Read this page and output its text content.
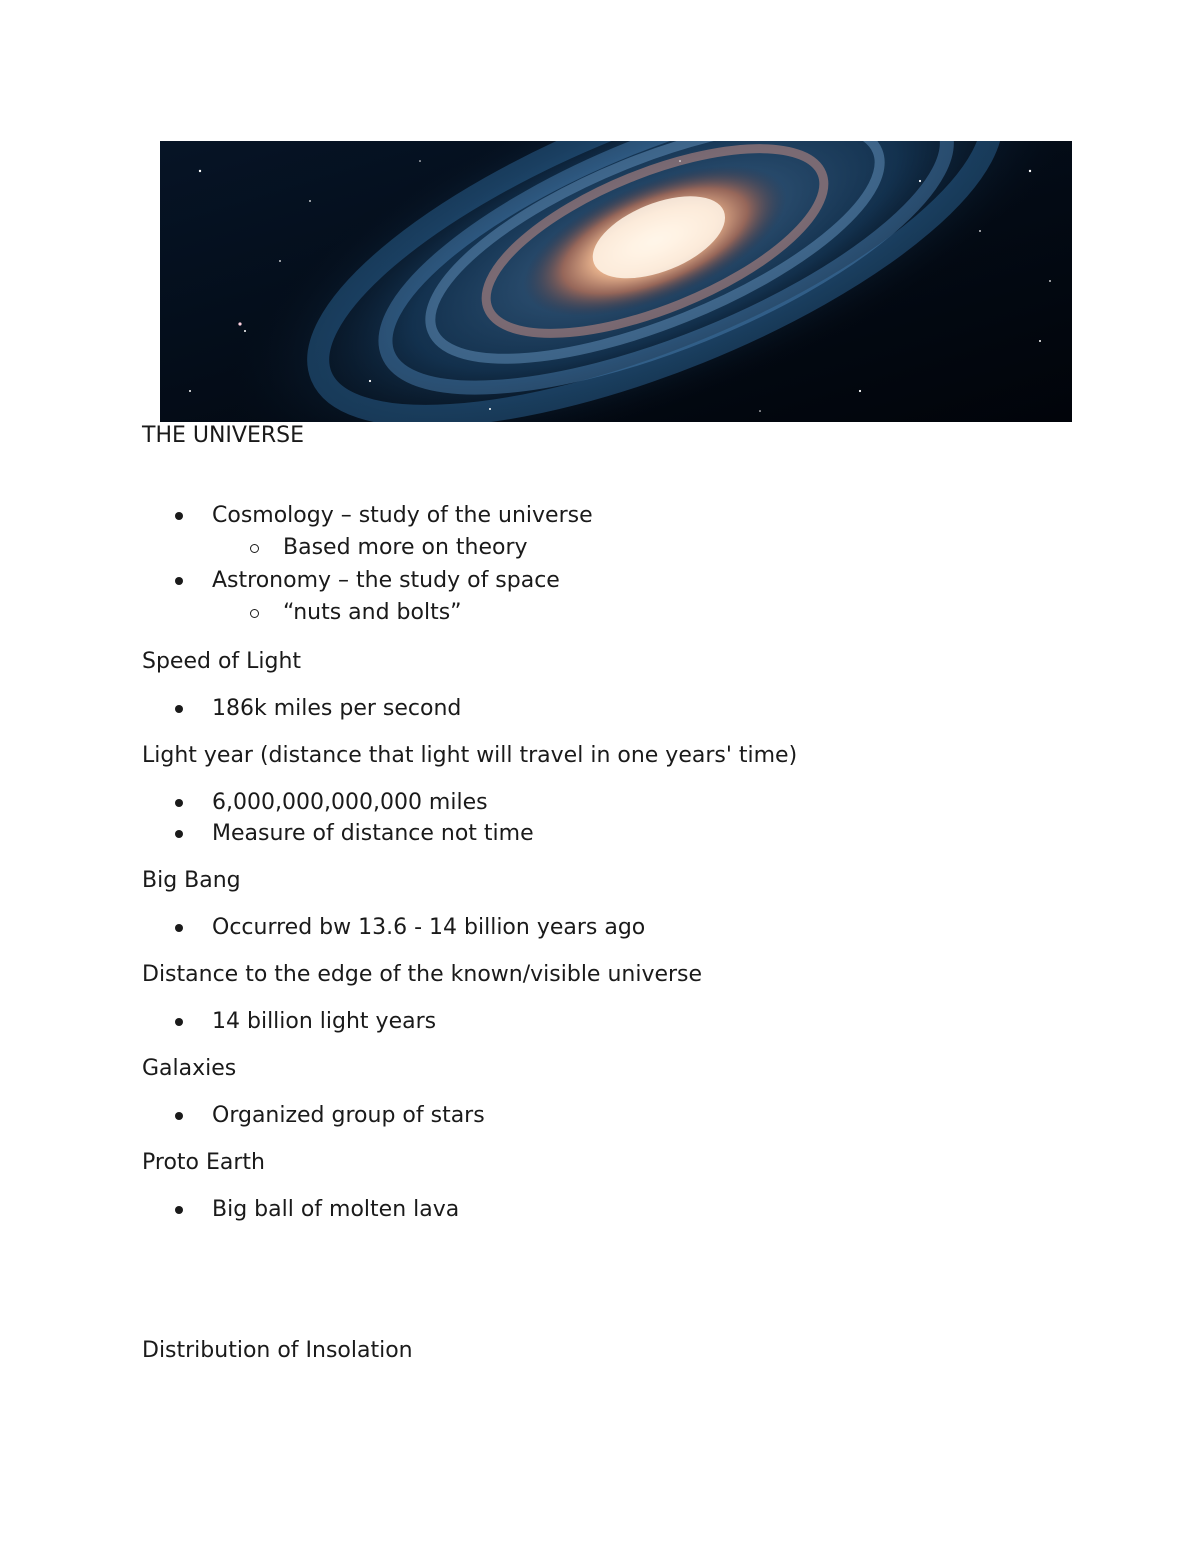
THE UNIVERSE

Cosmology – study of the universe
Based more on theory
Astronomy – the study of space
“nuts and bolts”

Speed of Light

186k miles per second

Light year (distance that light will travel in one years' time)

6,000,000,000,000 miles
Measure of distance not time

Big Bang

Occurred bw 13.6 - 14 billion years ago

Distance to the edge of the known/visible universe

14 billion light years

Galaxies

Organized group of stars

Proto Earth

Big ball of molten lava

Distribution of Insolation
